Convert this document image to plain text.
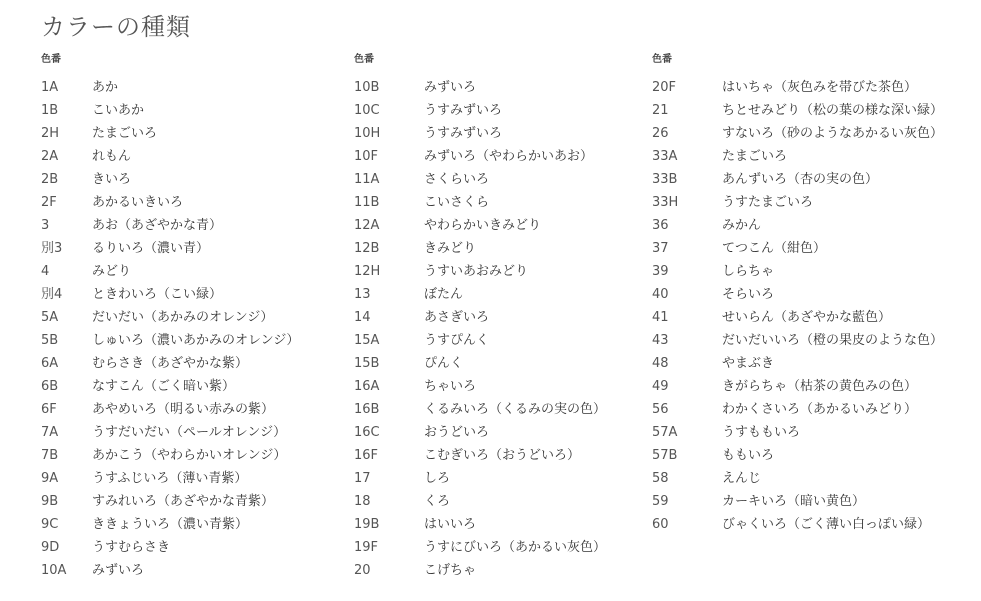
カラーの種類
色番
1A	あか
1B	こいあか
2H	たまごいろ
2A	れもん
2B	きいろ
2F	あかるいきいろ
3	あお（あざやかな青）
別3	るりいろ（濃い青）
4	みどり
別4	ときわいろ（こい緑）
5A	だいだい（あかみのオレンジ）
5B	しゅいろ（濃いあかみのオレンジ）
6A	むらさき（あざやかな紫）
6B	なすこん（ごく暗い紫）
6F	あやめいろ（明るい赤みの紫）
7A	うすだいだい（ペールオレンジ）
7B	あかこう（やわらかいオレンジ）
9A	うすふじいろ（薄い青紫）
9B	すみれいろ（あざやかな青紫）
9C	ききょういろ（濃い青紫）
9D	うすむらさき
10A	みずいろ
色番
10B	みずいろ
10C	うすみずいろ
10H	うすみずいろ
10F	みずいろ（やわらかいあお）
11A	さくらいろ
11B	こいさくら
12A	やわらかいきみどり
12B	きみどり
12H	うすいあおみどり
13	ぼたん
14	あさぎいろ
15A	うすぴんく
15B	ぴんく
16A	ちゃいろ
16B	くるみいろ（くるみの実の色）
16C	おうどいろ
16F	こむぎいろ（おうどいろ）
17	しろ
18	くろ
19B	はいいろ
19F	うすにびいろ（あかるい灰色）
20	こげちゃ
色番
20F	はいちゃ（灰色みを帯びた茶色）
21	ちとせみどり（松の葉の様な深い緑）
26	すないろ（砂のようなあかるい灰色）
33A	たまごいろ
33B	あんずいろ（杏の実の色）
33H	うすたまごいろ
36	みかん
37	てつこん（紺色）
39	しらちゃ
40	そらいろ
41	せいらん（あざやかな藍色）
43	だいだいいろ（橙の果皮のような色）
48	やまぶき
49	きがらちゃ（枯茶の黄色みの色）
56	わかくさいろ（あかるいみどり）
57A	うすももいろ
57B	ももいろ
58	えんじ
59	カーキいろ（暗い黄色）
60	びゃくいろ（ごく薄い白っぽい緑）
